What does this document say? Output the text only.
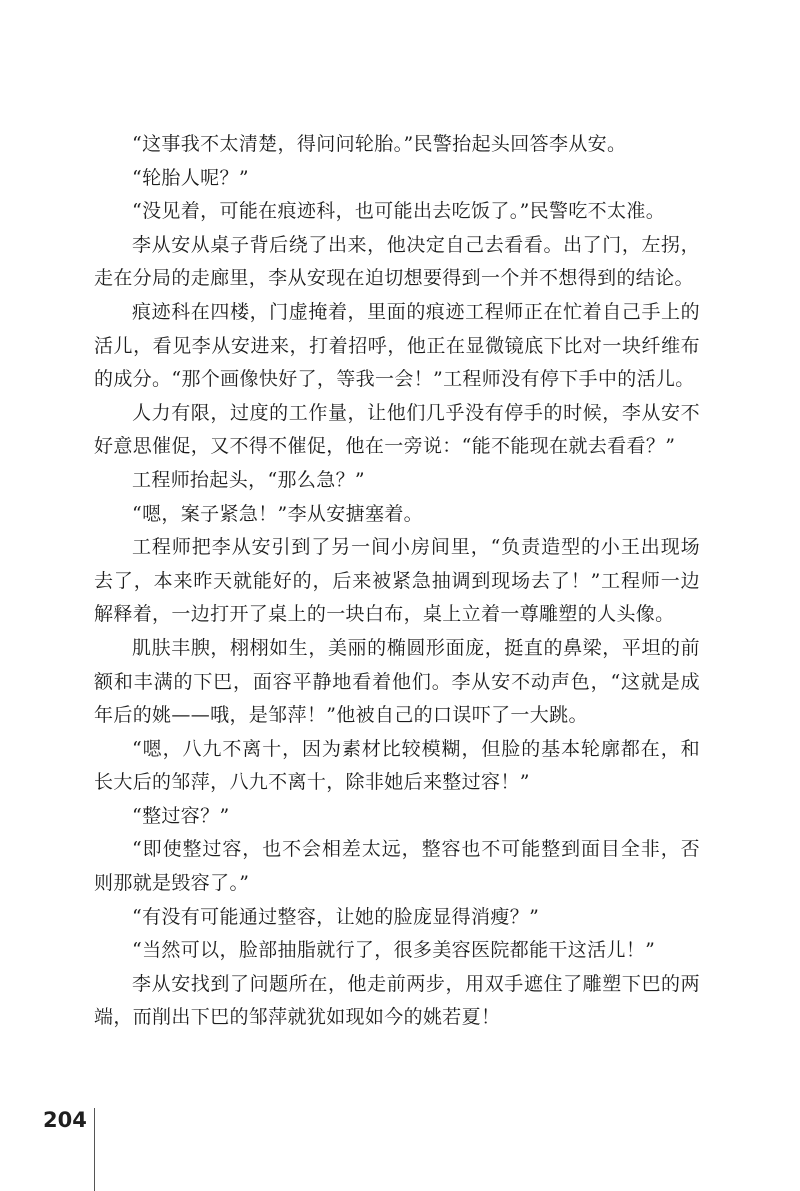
“这事我不太清楚，得问问轮胎。”民警抬起头回答李从安。

“轮胎人呢？”

“没见着，可能在痕迹科，也可能出去吃饭了。”民警吃不太准。

李从安从桌子背后绕了出来，他决定自己去看看。出了门，左拐，走在分局的走廊里，李从安现在迫切想要得到一个并不想得到的结论。

痕迹科在四楼，门虚掩着，里面的痕迹工程师正在忙着自己手上的活儿，看见李从安进来，打着招呼，他正在显微镜底下比对一块纤维布的成分。“那个画像快好了，等我一会！”工程师没有停下手中的活儿。

人力有限，过度的工作量，让他们几乎没有停手的时候，李从安不好意思催促，又不得不催促，他在一旁说：“能不能现在就去看看？”

工程师抬起头，“那么急？”

“嗯，案子紧急！”李从安搪塞着。

工程师把李从安引到了另一间小房间里，“负责造型的小王出现场去了，本来昨天就能好的，后来被紧急抽调到现场去了！”工程师一边解释着，一边打开了桌上的一块白布，桌上立着一尊雕塑的人头像。

肌肤丰腴，栩栩如生，美丽的椭圆形面庞，挺直的鼻梁，平坦的前额和丰满的下巴，面容平静地看着他们。李从安不动声色，“这就是成年后的姚——哦，是邹萍！”他被自己的口误吓了一大跳。

“嗯，八九不离十，因为素材比较模糊，但脸的基本轮廓都在，和长大后的邹萍，八九不离十，除非她后来整过容！”

“整过容？”

“即使整过容，也不会相差太远，整容也不可能整到面目全非，否则那就是毁容了。”

“有没有可能通过整容，让她的脸庞显得消瘦？”

“当然可以，脸部抽脂就行了，很多美容医院都能干这活儿！”

李从安找到了问题所在，他走前两步，用双手遮住了雕塑下巴的两端，而削出下巴的邹萍就犹如现如今的姚若夏！

204
